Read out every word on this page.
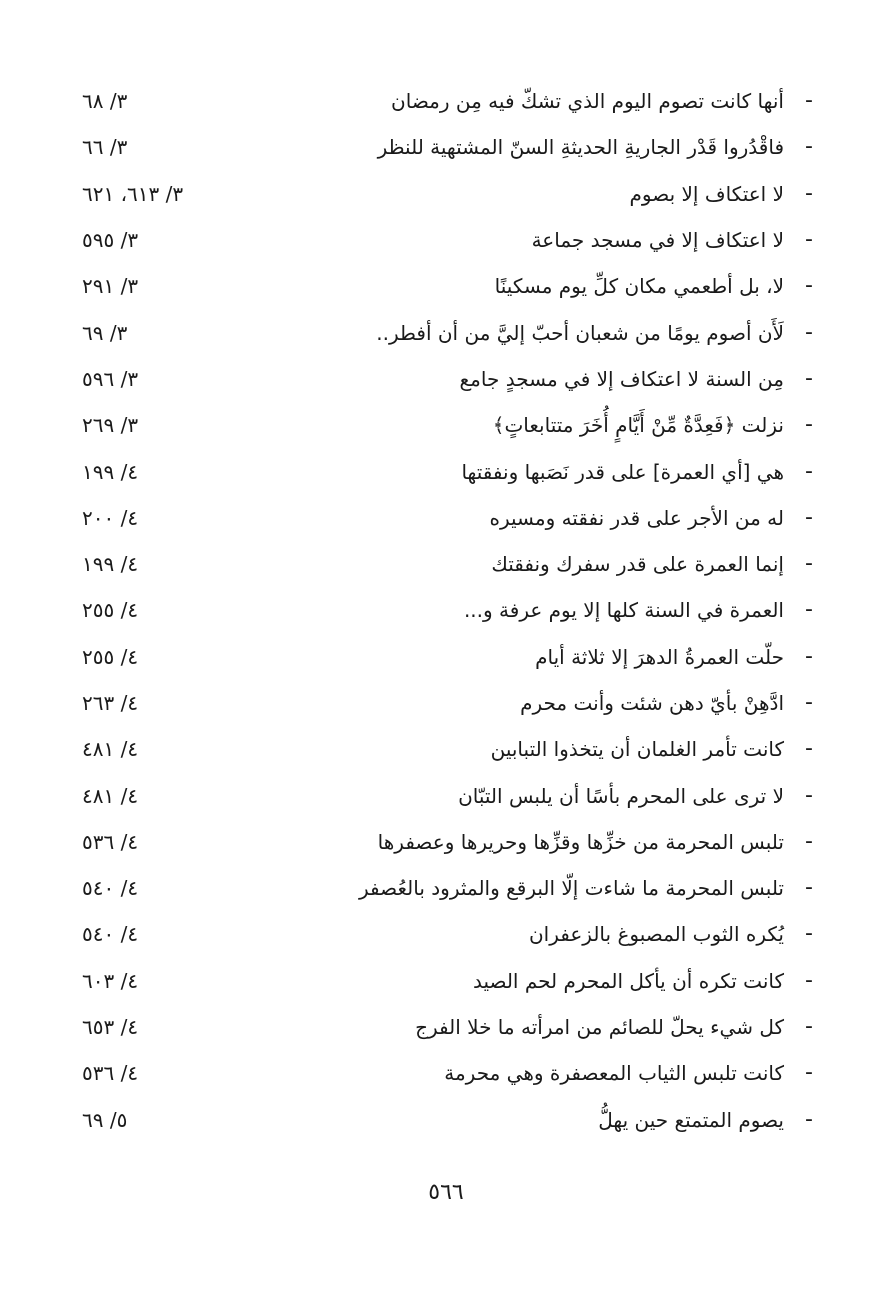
-
أنها كانت تصوم اليوم الذي تشكّ فيه مِن رمضان
٣/ ٦٨
-
فاقْدُروا قَدْر الجاريةِ الحديثةِ السنّ المشتهية للنظر
٣/ ٦٦
-
لا اعتكاف إلا بصوم
٣/ ٦١٣، ٦٢١
-
لا اعتكاف إلا في مسجد جماعة
٣/ ٥٩٥
-
لا، بل أطعمي مكان كلِّ يوم مسكينًا
٣/ ٢٩١
-
لَأَن أصوم يومًا من شعبان أحبّ إليَّ من أن أفطر..
٣/ ٦٩
-
مِن السنة لا اعتكاف إلا في مسجدٍ جامع
٣/ ٥٩٦
-
نزلت ﴿فَعِدَّةٌ مِّنْ أَيَّامٍ أُخَرَ متتابعاتٍ﴾
٣/ ٢٦٩
-
هي [أي العمرة] على قدر نَصَبها ونفقتها
٤/ ١٩٩
-
له من الأجر على قدر نفقته ومسيره
٤/ ٢٠٠
-
إنما العمرة على قدر سفرك ونفقتك
٤/ ١٩٩
-
العمرة في السنة كلها إلا يوم عرفة و...
٤/ ٢٥٥
-
حلّت العمرةُ الدهرَ إلا ثلاثة أيام
٤/ ٢٥٥
-
ادَّهِنْ بأيّ دهن شئت وأنت محرم
٤/ ٢٦٣
-
كانت تأمر الغلمان أن يتخذوا التبابين
٤/ ٤٨١
-
لا ترى على المحرم بأسًا أن يلبس التبّان
٤/ ٤٨١
-
تلبس المحرمة من خزِّها وقزِّها وحريرها وعصفرها
٤/ ٥٣٦
-
تلبس المحرمة ما شاءت إلّا البرقع والمثرود بالعُصفر
٤/ ٥٤٠
-
يُكره الثوب المصبوغ بالزعفران
٤/ ٥٤٠
-
كانت تكره أن يأكل المحرم لحم الصيد
٤/ ٦٠٣
-
كل شيء يحلّ للصائم من امرأته ما خلا الفرج
٤/ ٦٥٣
-
كانت تلبس الثياب المعصفرة وهي محرمة
٤/ ٥٣٦
-
يصوم المتمتع حين يهلُّ
٥/ ٦٩
٥٦٦
